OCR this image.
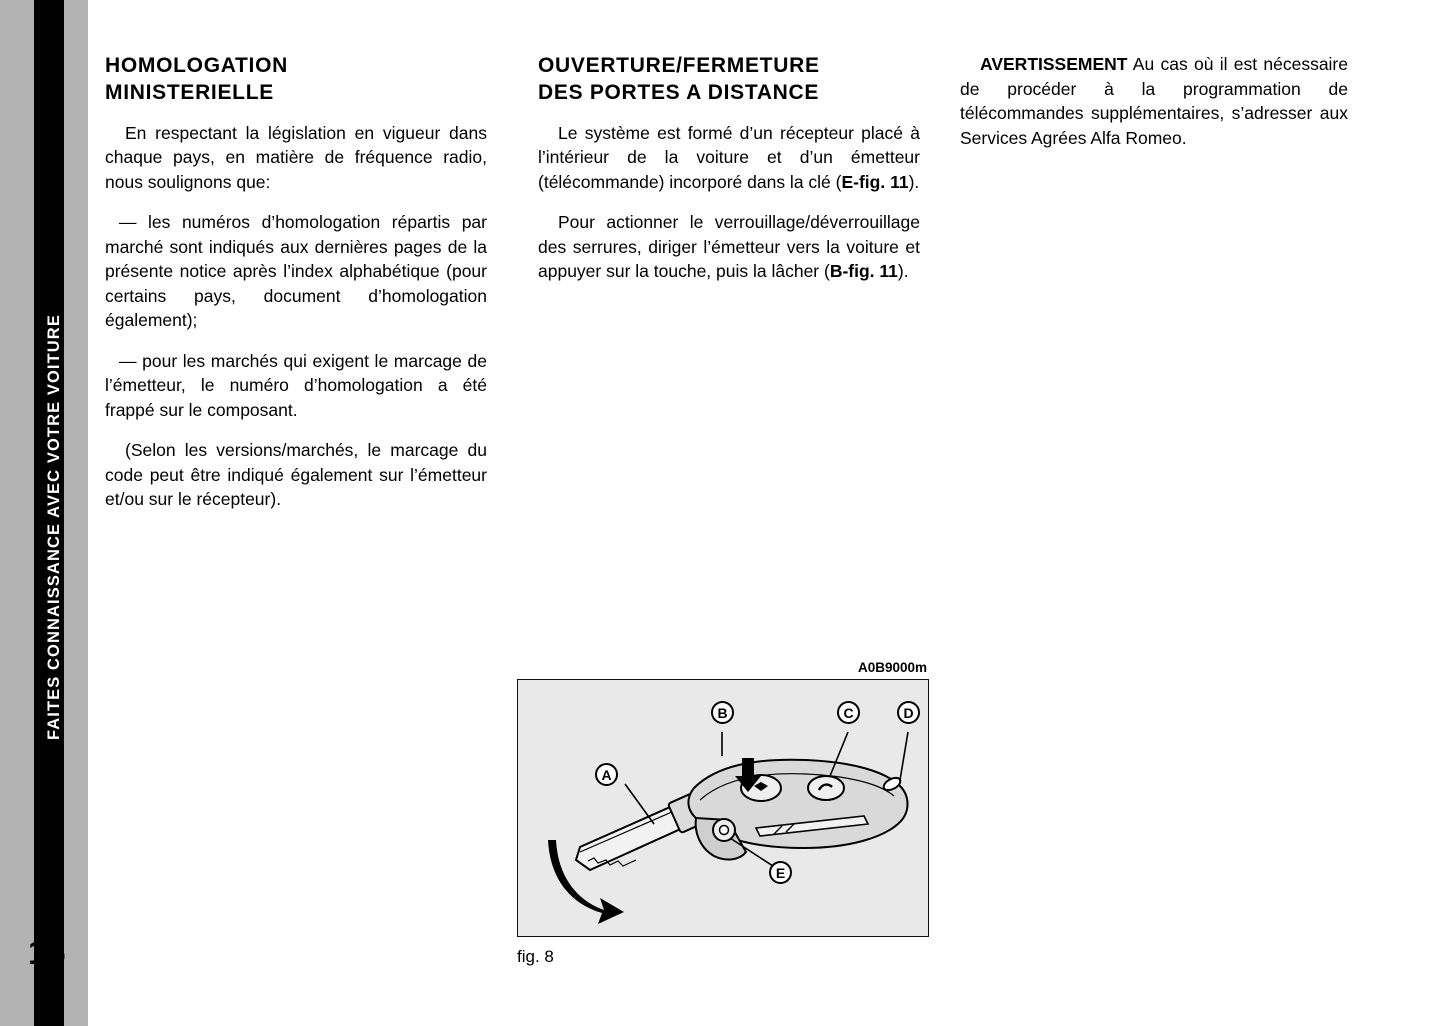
FAITES CONNAISSANCE AVEC VOTRE VOITURE
16
HOMOLOGATION
MINISTERIELLE

En respectant la législation en vigueur dans chaque pays, en matière de fréquence radio, nous soulignons que:

— les numéros d’homologation répartis par marché sont indiqués aux dernières pages de la présente notice après l’index alphabétique (pour certains pays, document d’homologation également);

— pour les marchés qui exigent le marcage de l’émetteur, le numéro d’homologation a été frappé sur le composant.

(Selon les versions/marchés, le marcage du code peut être indiqué également sur l’émetteur et/ou sur le récepteur).

OUVERTURE/FERMETURE
DES PORTES A DISTANCE

Le système est formé d’un récepteur placé à l’intérieur de la voiture et d’un émetteur (télécommande) incorporé dans la clé (E-fig. 11).

Pour actionner le verrouillage/déverrouillage des serrures, diriger l’émetteur vers la voiture et appuyer sur la touche, puis la lâcher (B-fig. 11).

AVERTISSEMENT Au cas où il est nécessaire de procéder à la programmation de télécommandes supplémentaires, s’adresser aux Services Agrées Alfa Romeo.

A0B9000m
A
B	C	D
E
fig. 8
